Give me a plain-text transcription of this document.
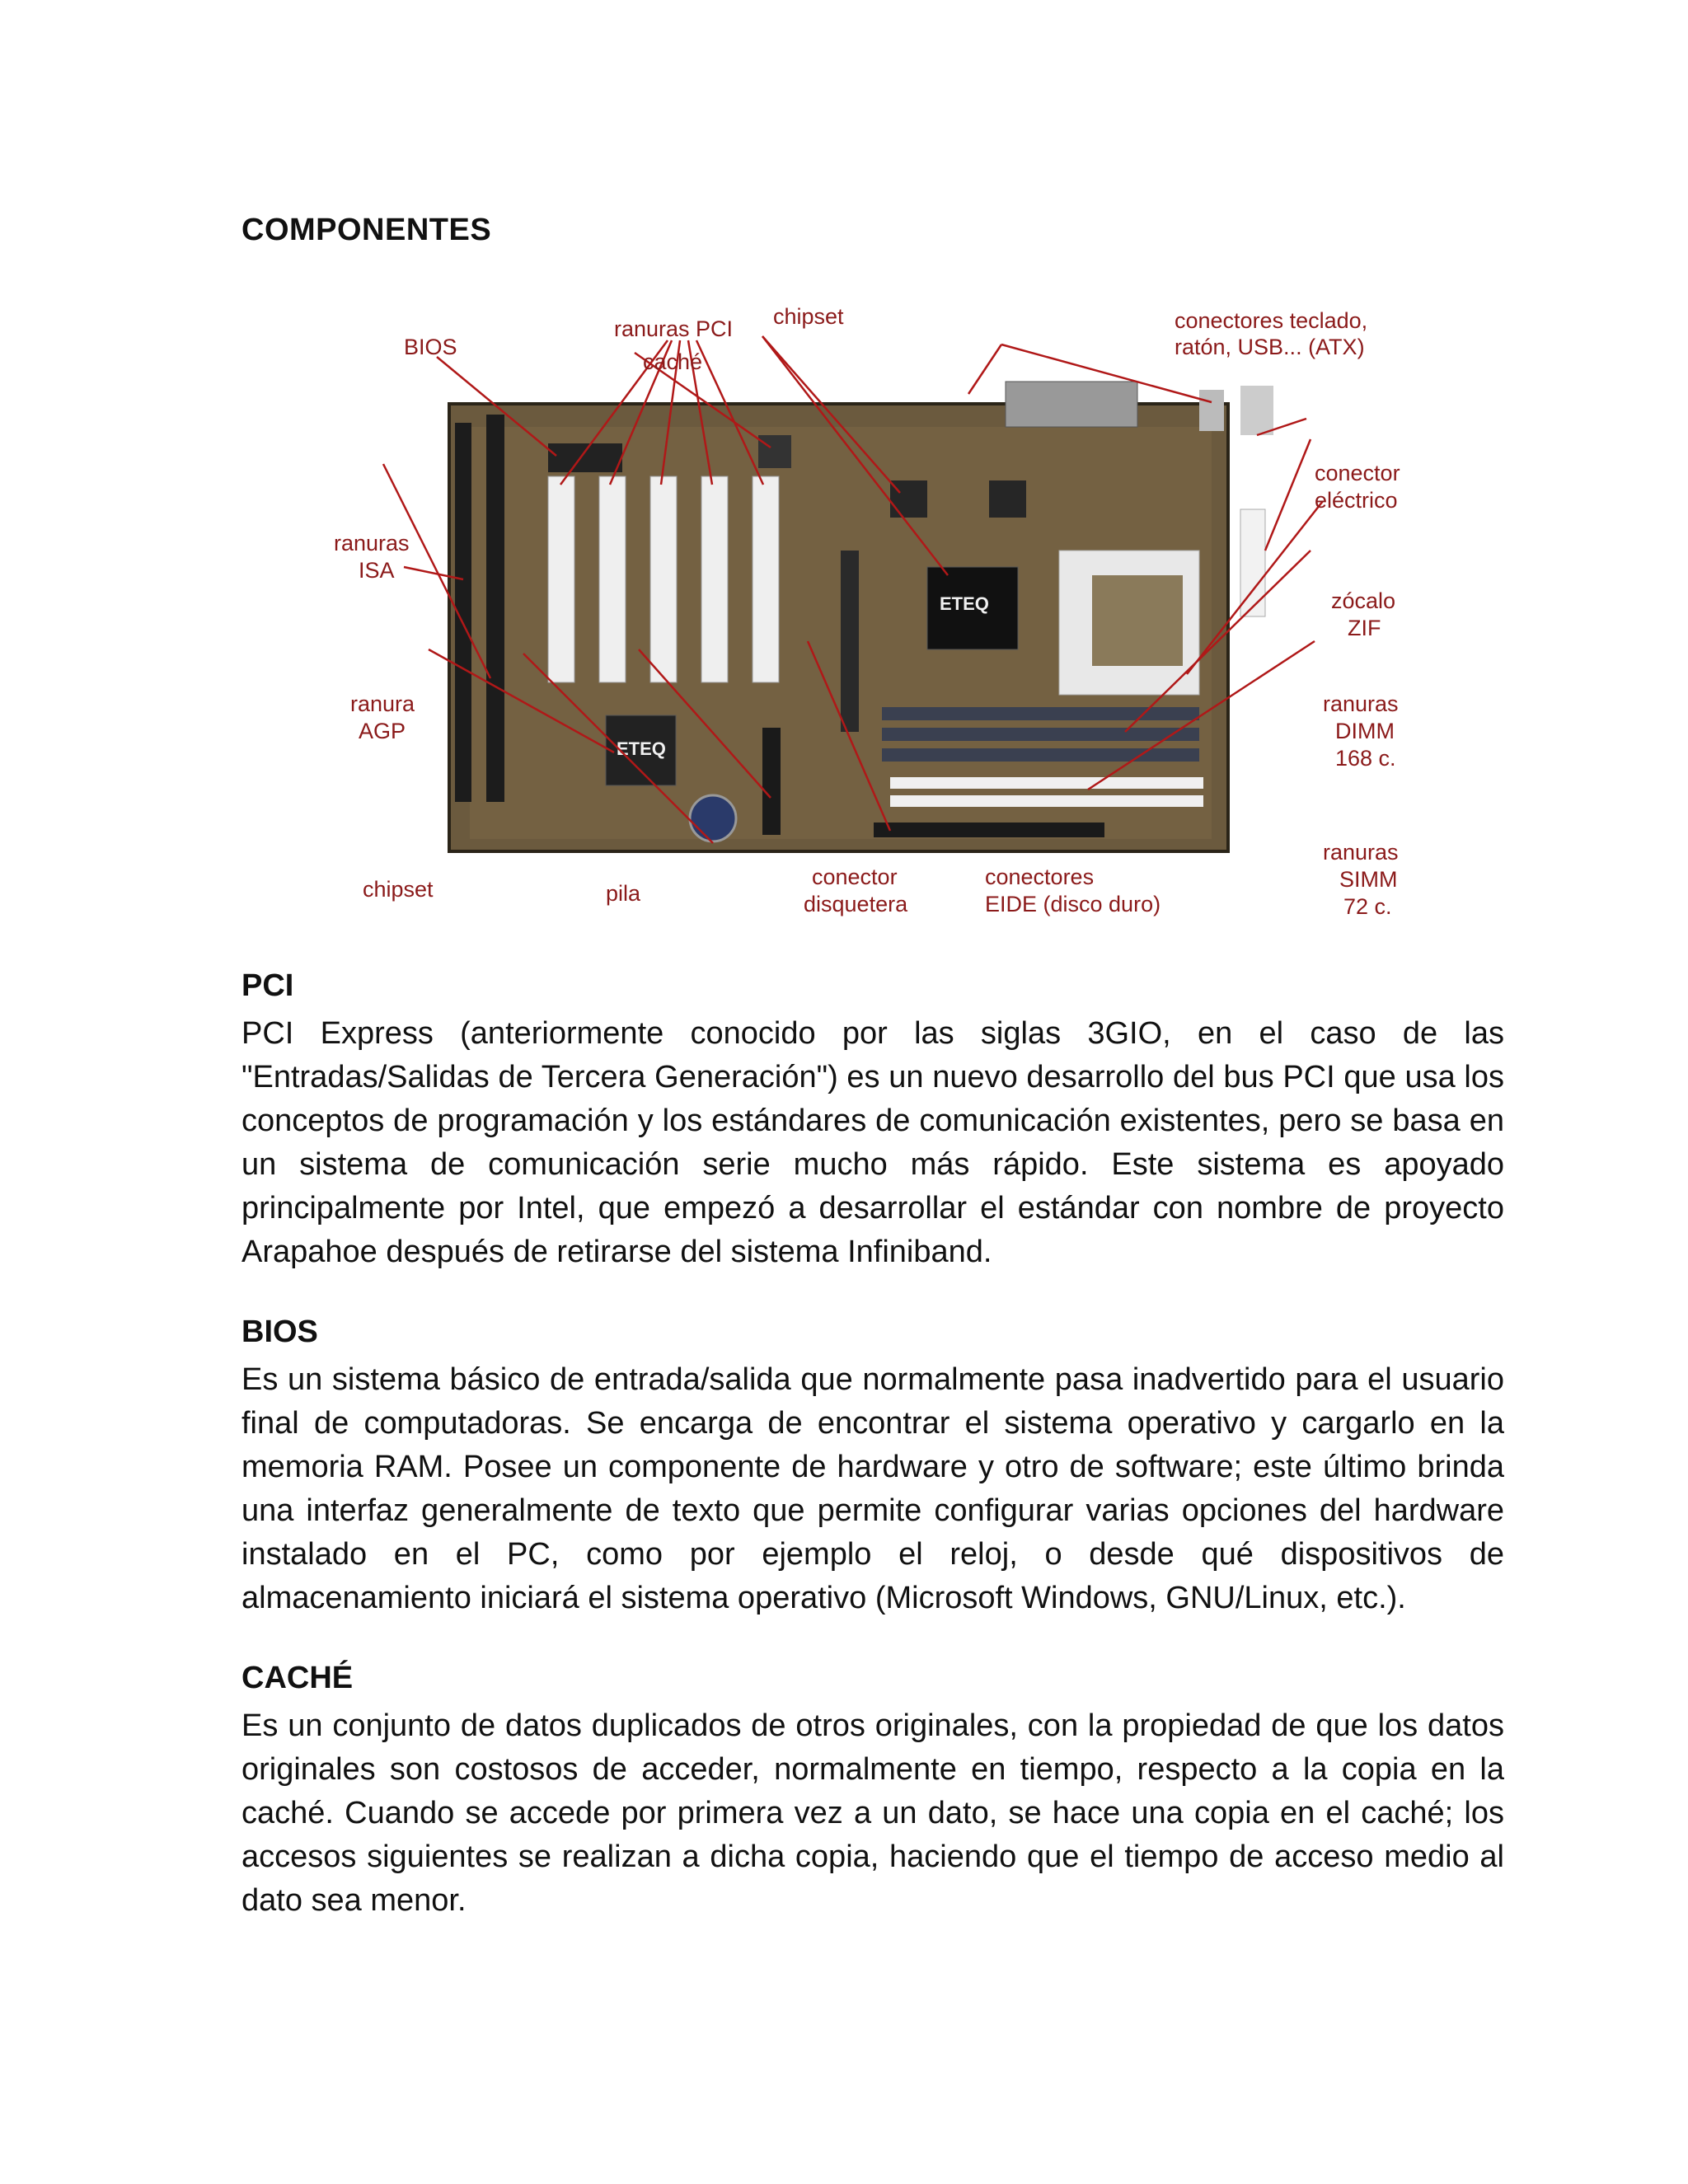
COMPONENTES
ETEQ
ETEQ
BIOS
ranuras PCI chipset
caché
conectores teclado,
ratón, USB... (ATX)
conector
eléctrico
ranuras
ISA
zócalo
ZIF
ranura
AGP
ranuras
DIMM
168 c.
chipset	pila
conector
disquetera
conectores
EIDE (disco duro)
ranuras
SIMM
72 c.
PCI

PCI Express (anteriormente conocido por las siglas 3GIO, en el caso de las "Entradas/Salidas de Tercera Generación") es un nuevo desarrollo del bus PCI que usa los conceptos de programación y los estándares de comunicación existentes, pero se basa en un sistema de comunicación serie mucho más rápido. Este sistema es apoyado principalmente por Intel, que empezó a desarrollar el estándar con nombre de proyecto Arapahoe después de retirarse del sistema Infiniband.

BIOS

Es un sistema básico de entrada/salida que normalmente pasa inadvertido para el usuario final de computadoras. Se encarga de encontrar el sistema operativo y cargarlo en la memoria RAM. Posee un componente de hardware y otro de software; este último brinda una interfaz generalmente de texto que permite configurar varias opciones del hardware instalado en el PC, como por ejemplo el reloj, o desde qué dispositivos de almacenamiento iniciará el sistema operativo (Microsoft Windows, GNU/Linux, etc.).

CACHÉ

Es un conjunto de datos duplicados de otros originales, con la propiedad de que los datos originales son costosos de acceder, normalmente en tiempo, respecto a la copia en la caché. Cuando se accede por primera vez a un dato, se hace una copia en el caché; los accesos siguientes se realizan a dicha copia, haciendo que el tiempo de acceso medio al dato sea menor.
